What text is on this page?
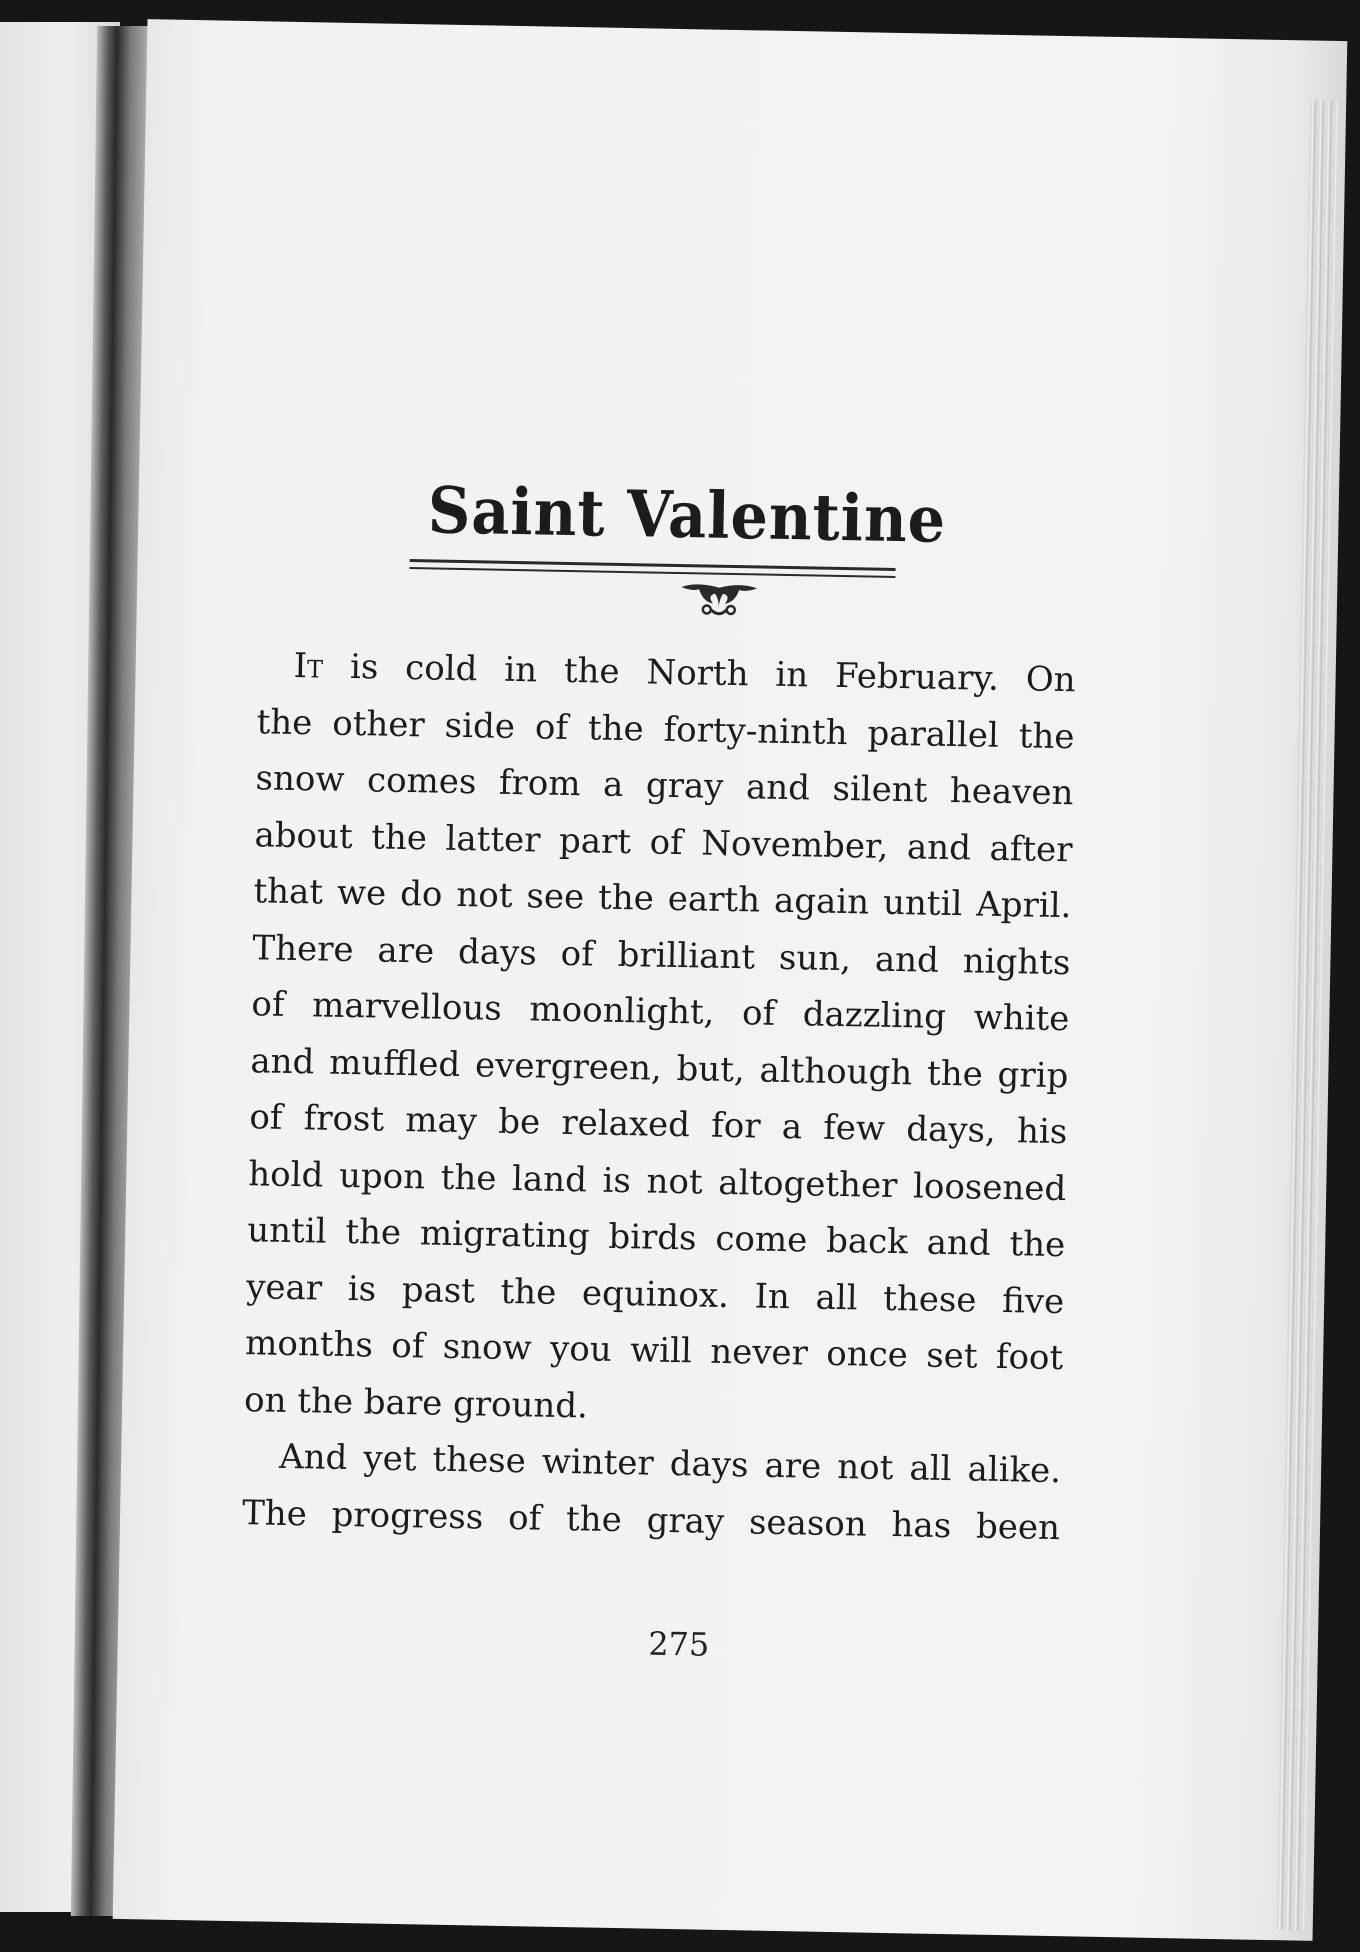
Saint Valentine
It is cold in the North in February. On
the other side of the forty-ninth parallel the
snow comes from a gray and silent heaven
about the latter part of November, and after
that we do not see the earth again until April.
There are days of brilliant sun, and nights
of marvellous moonlight, of dazzling white
and muffled evergreen, but, although the grip
of frost may be relaxed for a few days, his
hold upon the land is not altogether loosened
until the migrating birds come back and the
year is past the equinox. In all these five
months of snow you will never once set foot
on the bare ground.
And yet these winter days are not all alike.
The progress of the gray season has been
275
